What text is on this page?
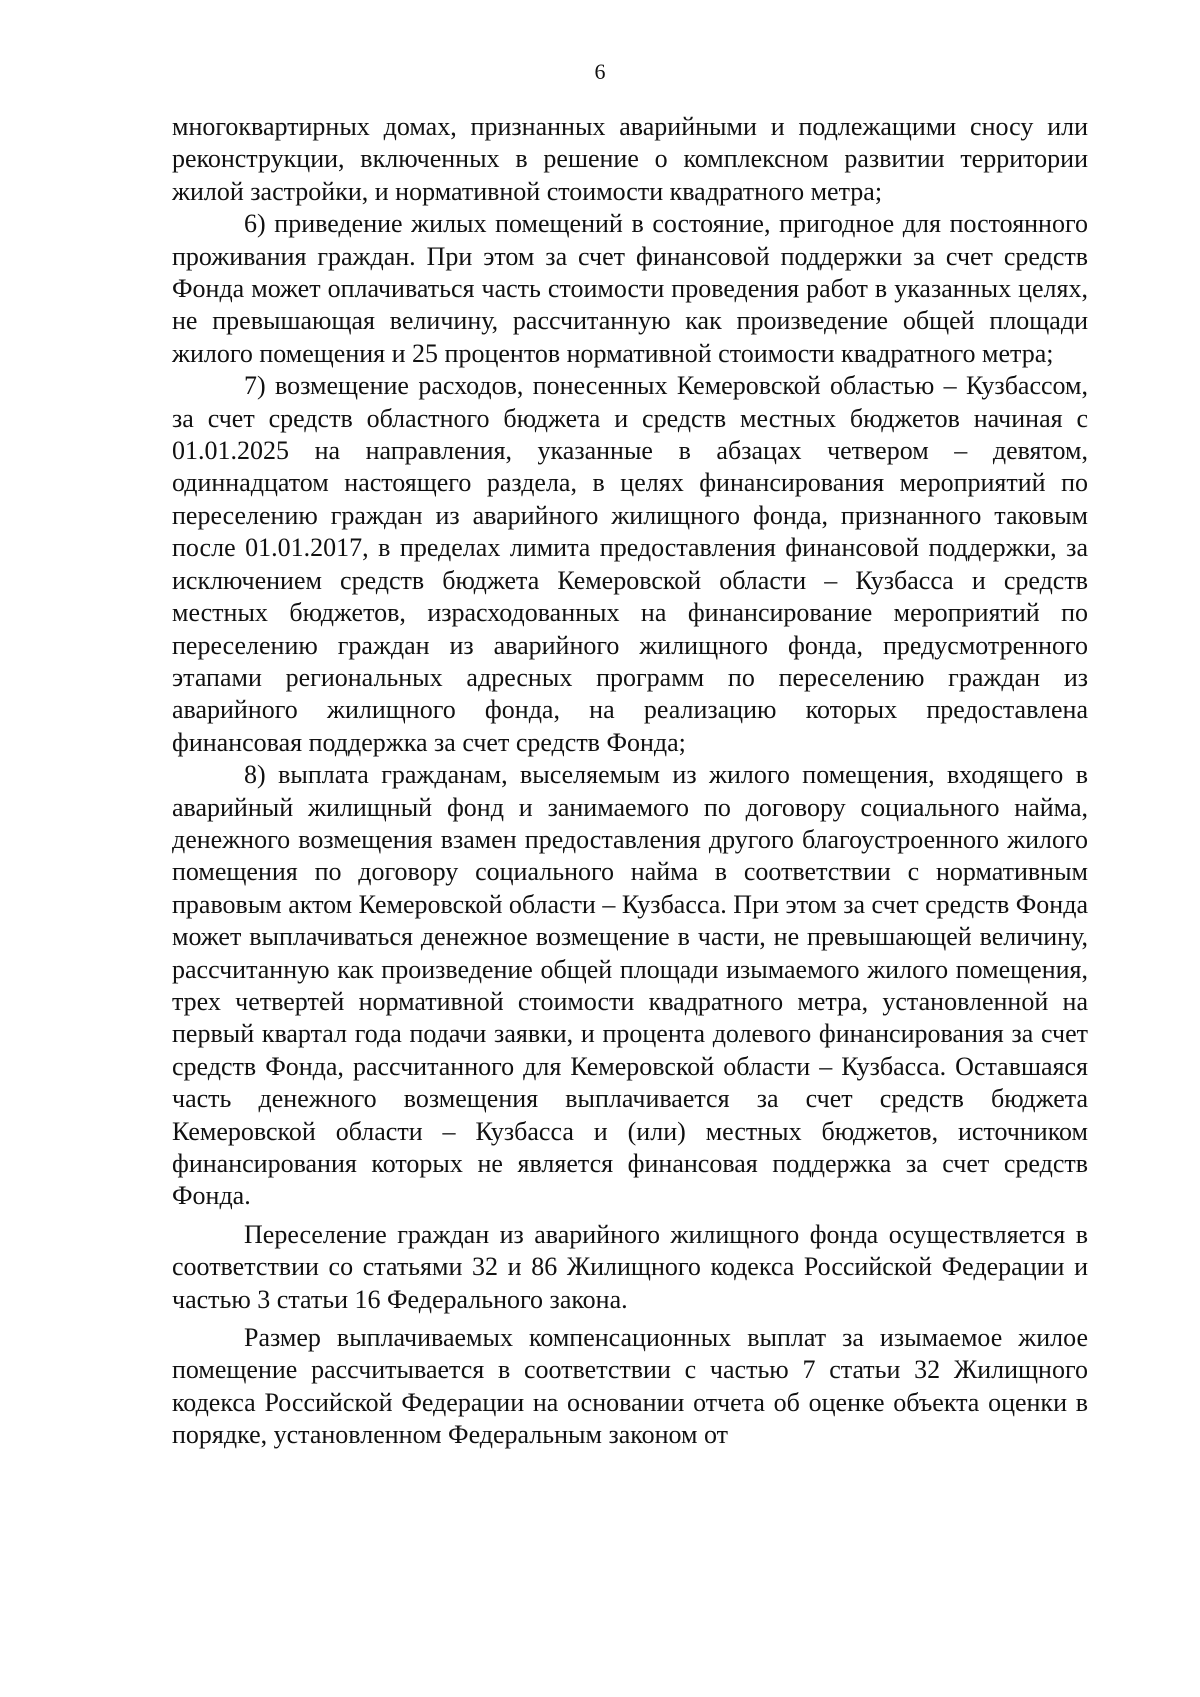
6

многоквартирных домах, признанных аварийными и подлежащими сносу или реконструкции, включенных в решение о комплексном развитии территории жилой застройки, и нормативной стоимости квадратного метра;

6) приведение жилых помещений в состояние, пригодное для постоянного проживания граждан. При этом за счет финансовой поддержки за счет средств Фонда может оплачиваться часть стоимости проведения работ в указанных целях, не превышающая величину, рассчитанную как произведение общей площади жилого помещения и 25 процентов нормативной стоимости квадратного метра;

7) возмещение расходов, понесенных Кемеровской областью – Кузбассом, за счет средств областного бюджета и средств местных бюджетов начиная с 01.01.2025 на направления, указанные в абзацах четвером – девятом, одиннадцатом настоящего раздела, в целях финансирования мероприятий по переселению граждан из аварийного жилищного фонда, признанного таковым после 01.01.2017, в пределах лимита предоставления финансовой поддержки, за исключением средств бюджета Кемеровской области – Кузбасса и средств местных бюджетов, израсходованных на финансирование мероприятий по переселению граждан из аварийного жилищного фонда, предусмотренного этапами региональных адресных программ по переселению граждан из аварийного жилищного фонда, на реализацию которых предоставлена финансовая поддержка за счет средств Фонда;

8) выплата гражданам, выселяемым из жилого помещения, входящего в аварийный жилищный фонд и занимаемого по договору социального найма, денежного возмещения взамен предоставления другого благоустроенного жилого помещения по договору социального найма в соответствии с нормативным правовым актом Кемеровской области – Кузбасса. При этом за счет средств Фонда может выплачиваться денежное возмещение в части, не превышающей величину, рассчитанную как произведение общей площади изымаемого жилого помещения, трех четвертей нормативной стоимости квадратного метра, установленной на первый квартал года подачи заявки, и процента долевого финансирования за счет средств Фонда, рассчитанного для Кемеровской области – Кузбасса. Оставшаяся часть денежного возмещения выплачивается за счет средств бюджета Кемеровской области – Кузбасса и (или) местных бюджетов, источником финансирования которых не является финансовая поддержка за счет средств Фонда.

Переселение граждан из аварийного жилищного фонда осуществляется в соответствии со статьями 32 и 86 Жилищного кодекса Российской Федерации и частью 3 статьи 16 Федерального закона.

Размер выплачиваемых компенсационных выплат за изымаемое жилое помещение рассчитывается в соответствии с частью 7 статьи 32 Жилищного кодекса Российской Федерации на основании отчета об оценке объекта оценки в порядке, установленном Федеральным законом от
